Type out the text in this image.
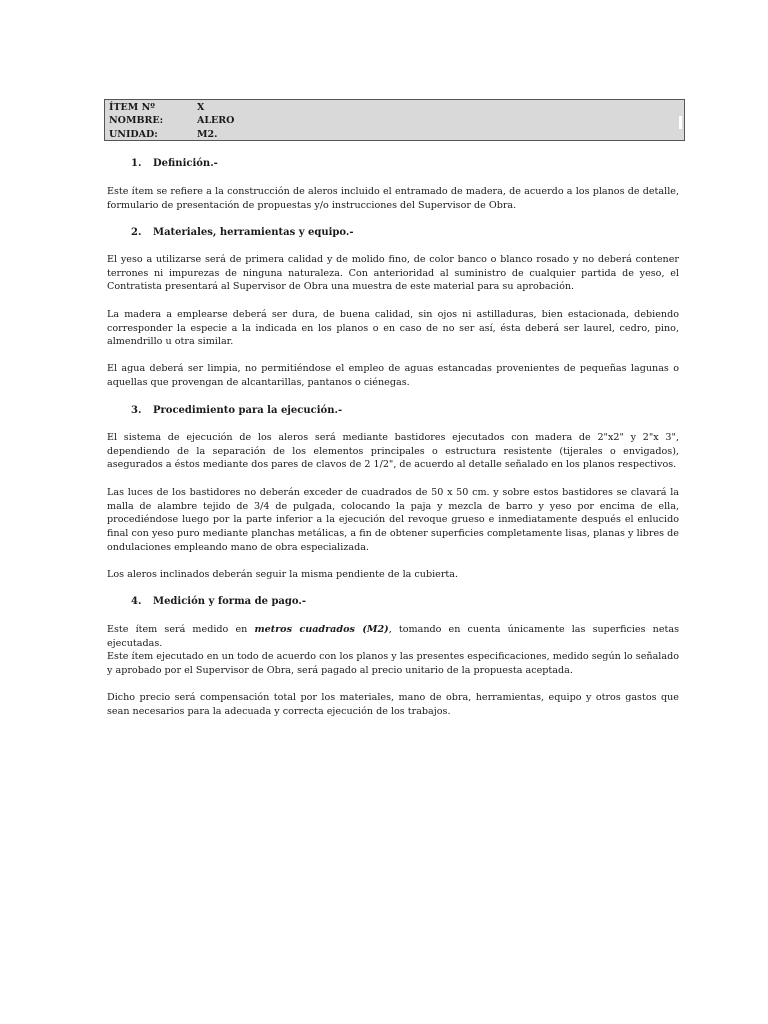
ÍTEM Nº	X
NOMBRE:	ALERO
UNIDAD:	M2.
1.	Definición.-
Este ítem se refiere a la construcción de aleros incluido el entramado de madera, de acuerdo a los planos de detalle, formulario de presentación de propuestas y/o instrucciones del Supervisor de Obra.
2.	Materiales, herramientas y equipo.-
El yeso a utilizarse será de primera calidad y de molido fino, de color banco o blanco rosado y no deberá contener terrones ni impurezas de ninguna naturaleza. Con anterioridad al suministro de cualquier partida de yeso, el Contratista presentará al Supervisor de Obra una muestra de este material para su aprobación.
La madera a emplearse deberá ser dura, de buena calidad, sin ojos ni astilladuras, bien estacionada, debiendo corresponder la especie a la indicada en los planos o en caso de no ser así, ésta deberá ser laurel, cedro, pino, almendrillo u otra similar.
El agua deberá ser limpia, no permitiéndose el empleo de aguas estancadas provenientes de pequeñas lagunas o aquellas que provengan de alcantarillas, pantanos o ciénegas.
3.	Procedimiento para la ejecución.-
El sistema de ejecución de los aleros será mediante bastidores ejecutados con madera de 2"x2" y 2"x 3", dependiendo de la separación de los elementos principales o estructura resistente (tijerales o envigados), asegurados a éstos mediante dos pares de clavos de 2 1/2", de acuerdo al detalle señalado en los planos respectivos.
Las luces de los bastidores no deberán exceder de cuadrados de 50 x 50 cm. y sobre estos bastidores se clavará la malla de alambre tejido de 3/4 de pulgada, colocando la paja y mezcla de barro y yeso por encima de ella, procediéndose luego por la parte inferior a la ejecución del revoque grueso e inmediatamente después el enlucido final con yeso puro mediante planchas metálicas, a fin de obtener superficies completamente lisas, planas y libres de ondulaciones empleando mano de obra especializada.
Los aleros inclinados deberán seguir la misma pendiente de la cubierta.
4.	Medición y forma de pago.-
Este ítem será medido en metros cuadrados (M2), tomando en cuenta únicamente las superficies netas ejecutadas.
Este ítem ejecutado en un todo de acuerdo con los planos y las presentes especificaciones, medido según lo señalado y aprobado por el Supervisor de Obra, será pagado al precio unitario de la propuesta aceptada.
Dicho precio será compensación total por los materiales, mano de obra, herramientas, equipo y otros gastos que sean necesarios para la adecuada y correcta ejecución de los trabajos.
